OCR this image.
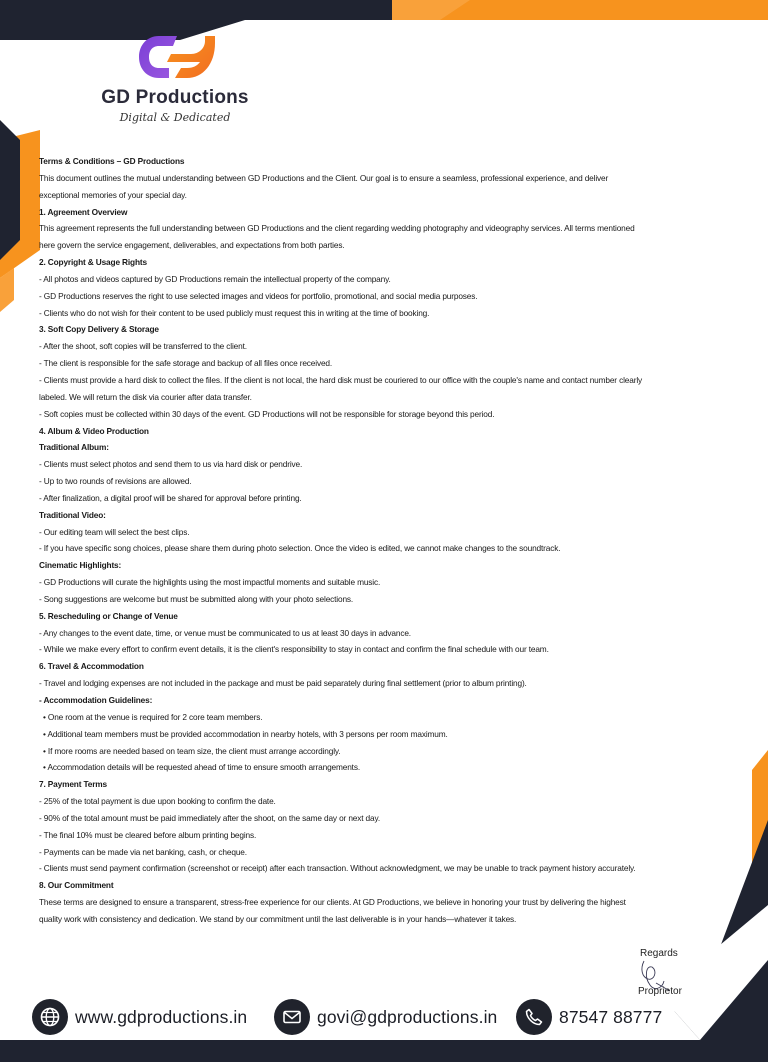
GD Productions
Digital & Dedicated

Terms & Conditions – GD Productions

This document outlines the mutual understanding between GD Productions and the Client. Our goal is to ensure a seamless, professional experience, and deliver

exceptional memories of your special day.

1. Agreement Overview

This agreement represents the full understanding between GD Productions and the client regarding wedding photography and videography services. All terms mentioned

here govern the service engagement, deliverables, and expectations from both parties.

2. Copyright & Usage Rights

- All photos and videos captured by GD Productions remain the intellectual property of the company.

- GD Productions reserves the right to use selected images and videos for portfolio, promotional, and social media purposes.

- Clients who do not wish for their content to be used publicly must request this in writing at the time of booking.

3. Soft Copy Delivery & Storage

- After the shoot, soft copies will be transferred to the client.

- The client is responsible for the safe storage and backup of all files once received.

- Clients must provide a hard disk to collect the files. If the client is not local, the hard disk must be couriered to our office with the couple's name and contact number clearly

labeled. We will return the disk via courier after data transfer.

- Soft copies must be collected within 30 days of the event. GD Productions will not be responsible for storage beyond this period.

4. Album & Video Production

Traditional Album:

- Clients must select photos and send them to us via hard disk or pendrive.

- Up to two rounds of revisions are allowed.

- After finalization, a digital proof will be shared for approval before printing.

Traditional Video:

- Our editing team will select the best clips.

- If you have specific song choices, please share them during photo selection. Once the video is edited, we cannot make changes to the soundtrack.

Cinematic Highlights:

- GD Productions will curate the highlights using the most impactful moments and suitable music.

- Song suggestions are welcome but must be submitted along with your photo selections.

5. Rescheduling or Change of Venue

- Any changes to the event date, time, or venue must be communicated to us at least 30 days in advance.

- While we make every effort to confirm event details, it is the client's responsibility to stay in contact and confirm the final schedule with our team.

6. Travel & Accommodation

- Travel and lodging expenses are not included in the package and must be paid separately during final settlement (prior to album printing).

- Accommodation Guidelines:

• One room at the venue is required for 2 core team members.

• Additional team members must be provided accommodation in nearby hotels, with 3 persons per room maximum.

• If more rooms are needed based on team size, the client must arrange accordingly.

• Accommodation details will be requested ahead of time to ensure smooth arrangements.

7. Payment Terms

- 25% of the total payment is due upon booking to confirm the date.

- 90% of the total amount must be paid immediately after the shoot, on the same day or next day.

- The final 10% must be cleared before album printing begins.

- Payments can be made via net banking, cash, or cheque.

- Clients must send payment confirmation (screenshot or receipt) after each transaction. Without acknowledgment, we may be unable to track payment history accurately.

8. Our Commitment

These terms are designed to ensure a transparent, stress-free experience for our clients. At GD Productions, we believe in honoring your trust by delivering the highest

quality work with consistency and dedication. We stand by our commitment until the last deliverable is in your hands—whatever it takes.

Regards
Proprietor
www.gdproductions.in	govi@gdproductions.in	87547 88777
